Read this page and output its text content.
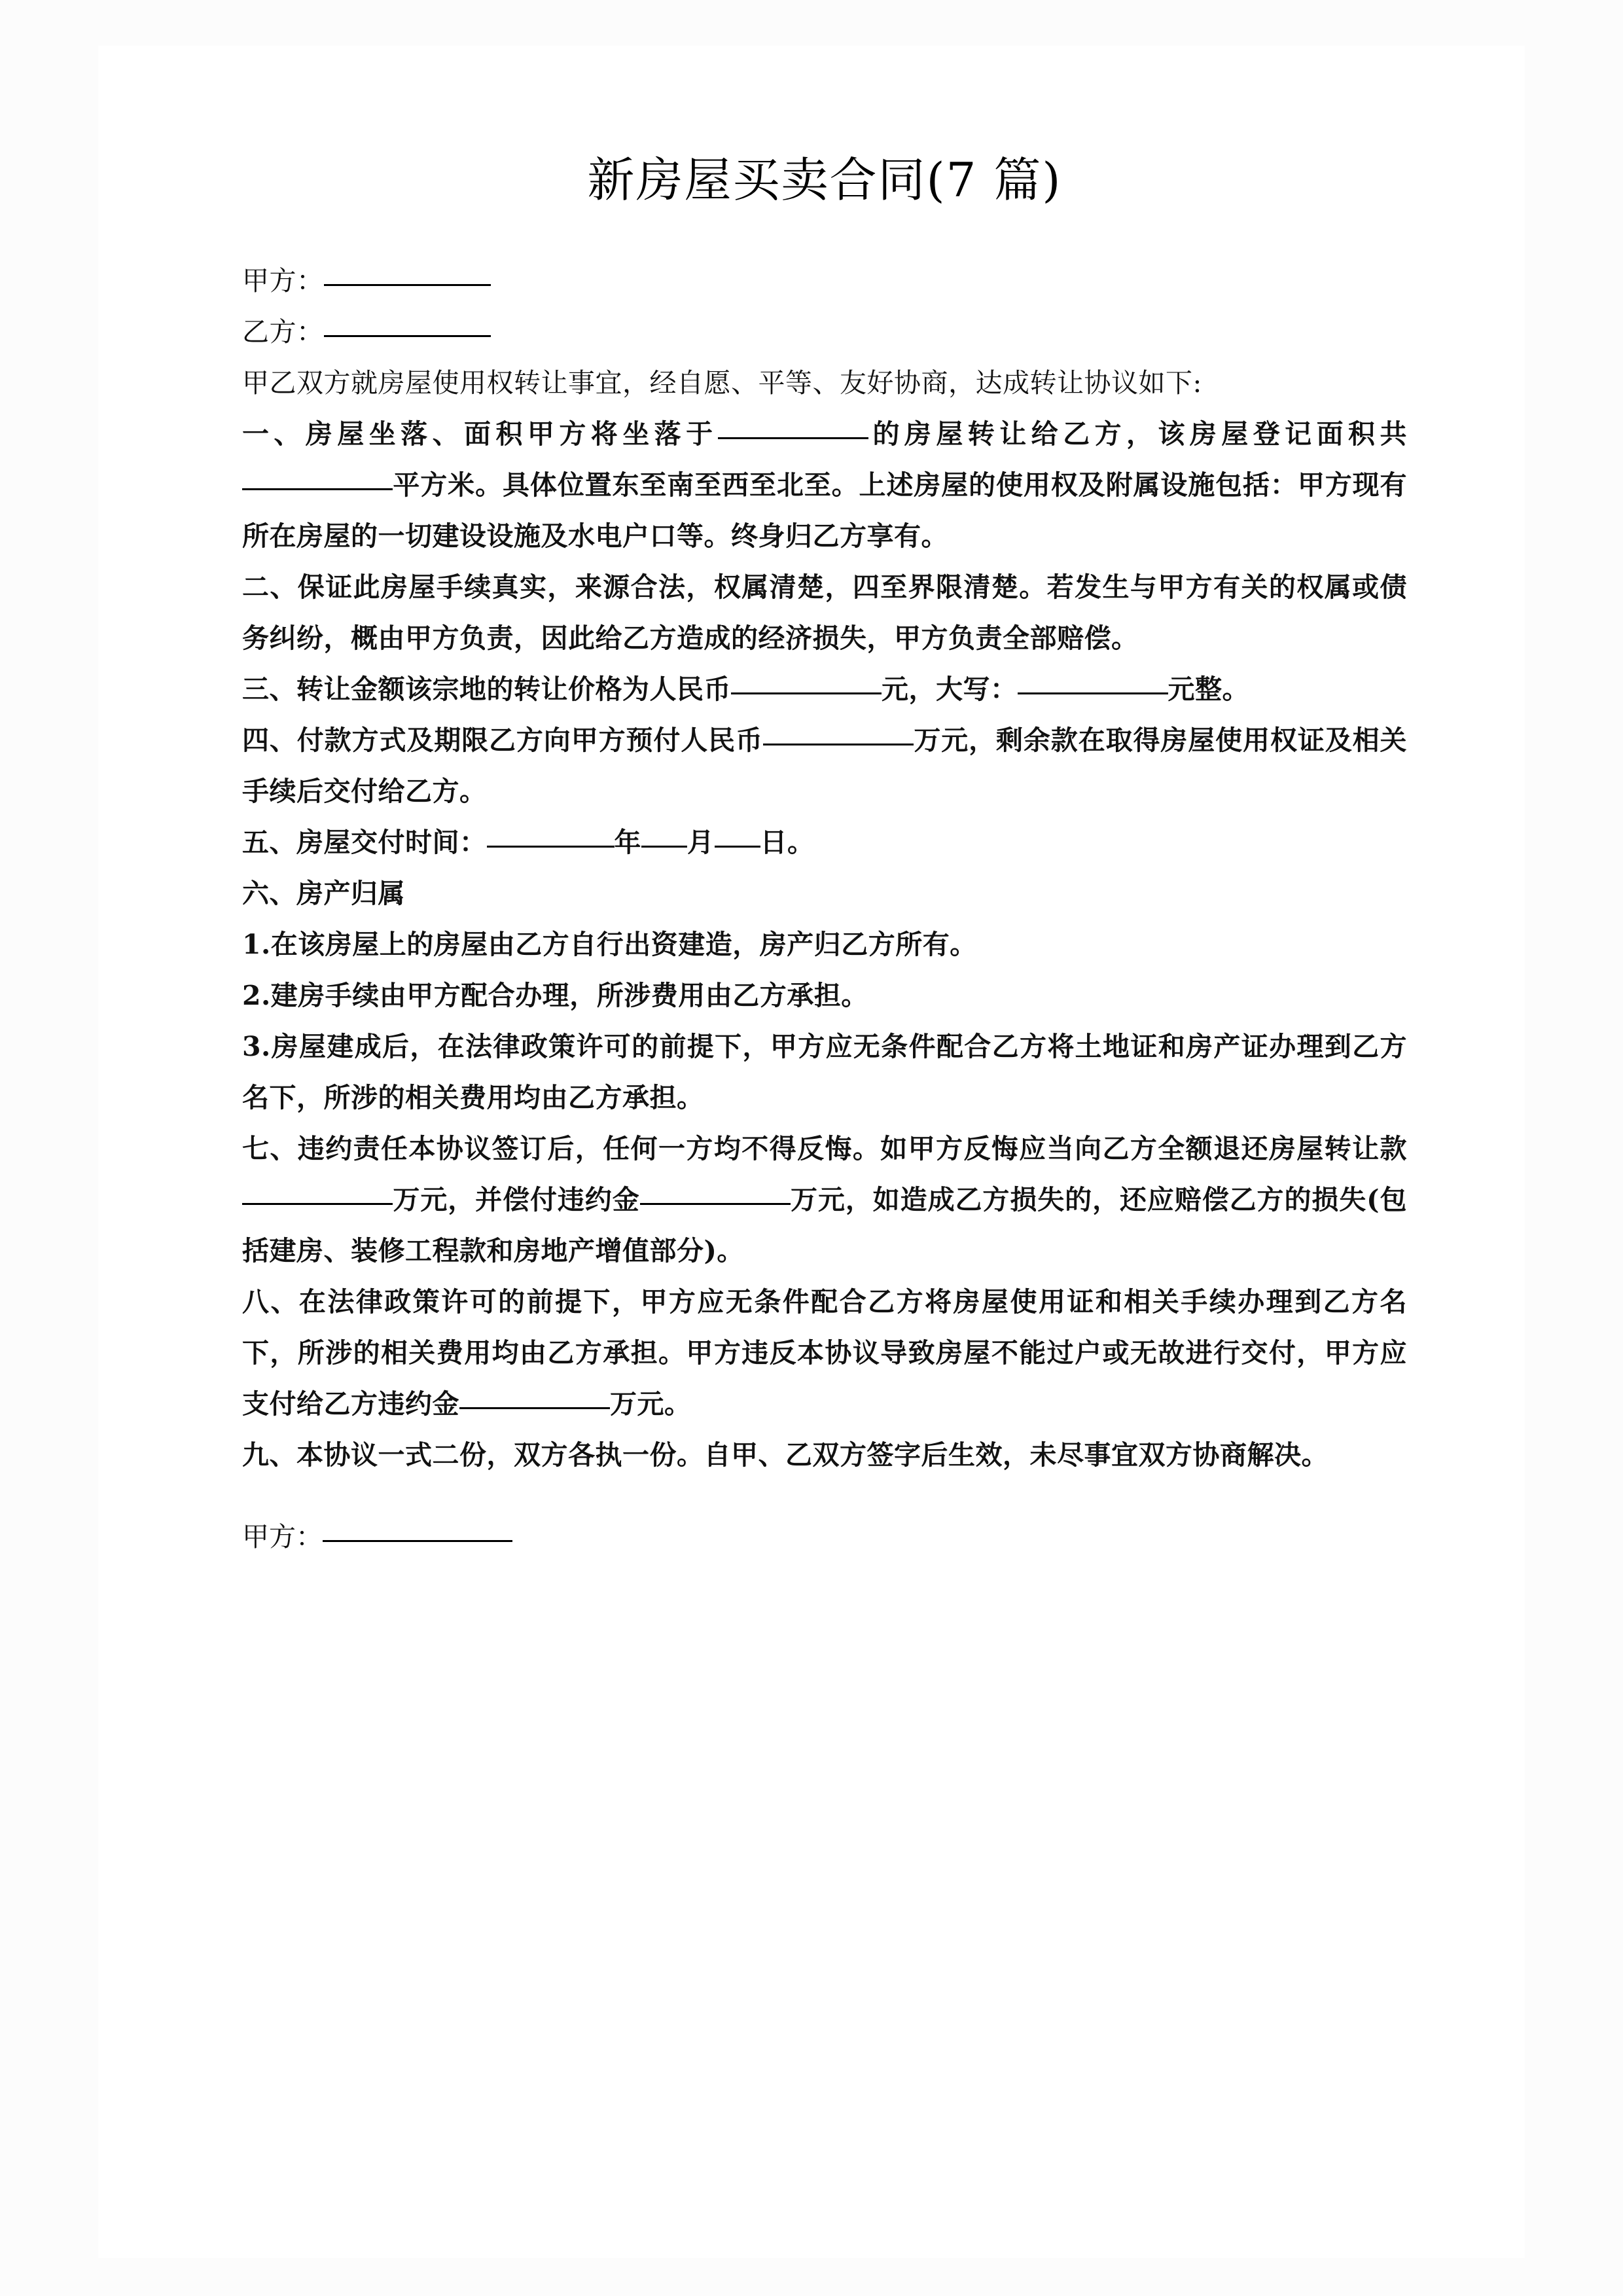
新房屋买卖合同(7 篇)

甲方：

乙方：

甲乙双方就房屋使用权转让事宜，经自愿、平等、友好协商，达成转让协议如下:

一、房屋坐落、面积甲方将坐落于	的房屋转让给乙方，该房屋登记面积共平方米。具体位置东至南至西至北至。上述房屋的使用权及附属设施包括：甲方现有所在房屋的一切建设设施及水电户口等。终身归乙方享有。

二、保证此房屋手续真实，来源合法，权属清楚，四至界限清楚。若发生与甲方有关的权属或债务纠纷，概由甲方负责，因此给乙方造成的经济损失，甲方负责全部赔偿。

三、转让金额该宗地的转让价格为人民币	元，大写：	元整。

四、付款方式及期限乙方向甲方预付人民币	万元，剩余款在取得房屋使用权证及相关手续后交付给乙方。

五、房屋交付时间：	年 月 日。

六、房产归属

1.在该房屋上的房屋由乙方自行出资建造，房产归乙方所有。

2.建房手续由甲方配合办理，所涉费用由乙方承担。

3.房屋建成后，在法律政策许可的前提下，甲方应无条件配合乙方将土地证和房产证办理到乙方名下，所涉的相关费用均由乙方承担。

七、违约责任本协议签订后，任何一方均不得反悔。如甲方反悔应当向乙方全额退还房屋转让款万元，并偿付违约金	万元，如造成乙方损失的，还应赔偿乙方的损失(包括建房、装修工程款和房地产增值部分)。

八、在法律政策许可的前提下，甲方应无条件配合乙方将房屋使用证和相关手续办理到乙方名下，所涉的相关费用均由乙方承担。甲方违反本协议导致房屋不能过户或无故进行交付，甲方应支付给乙方违约金	万元。

九、本协议一式二份，双方各执一份。自甲、乙双方签字后生效，未尽事宜双方协商解决。

甲方：
